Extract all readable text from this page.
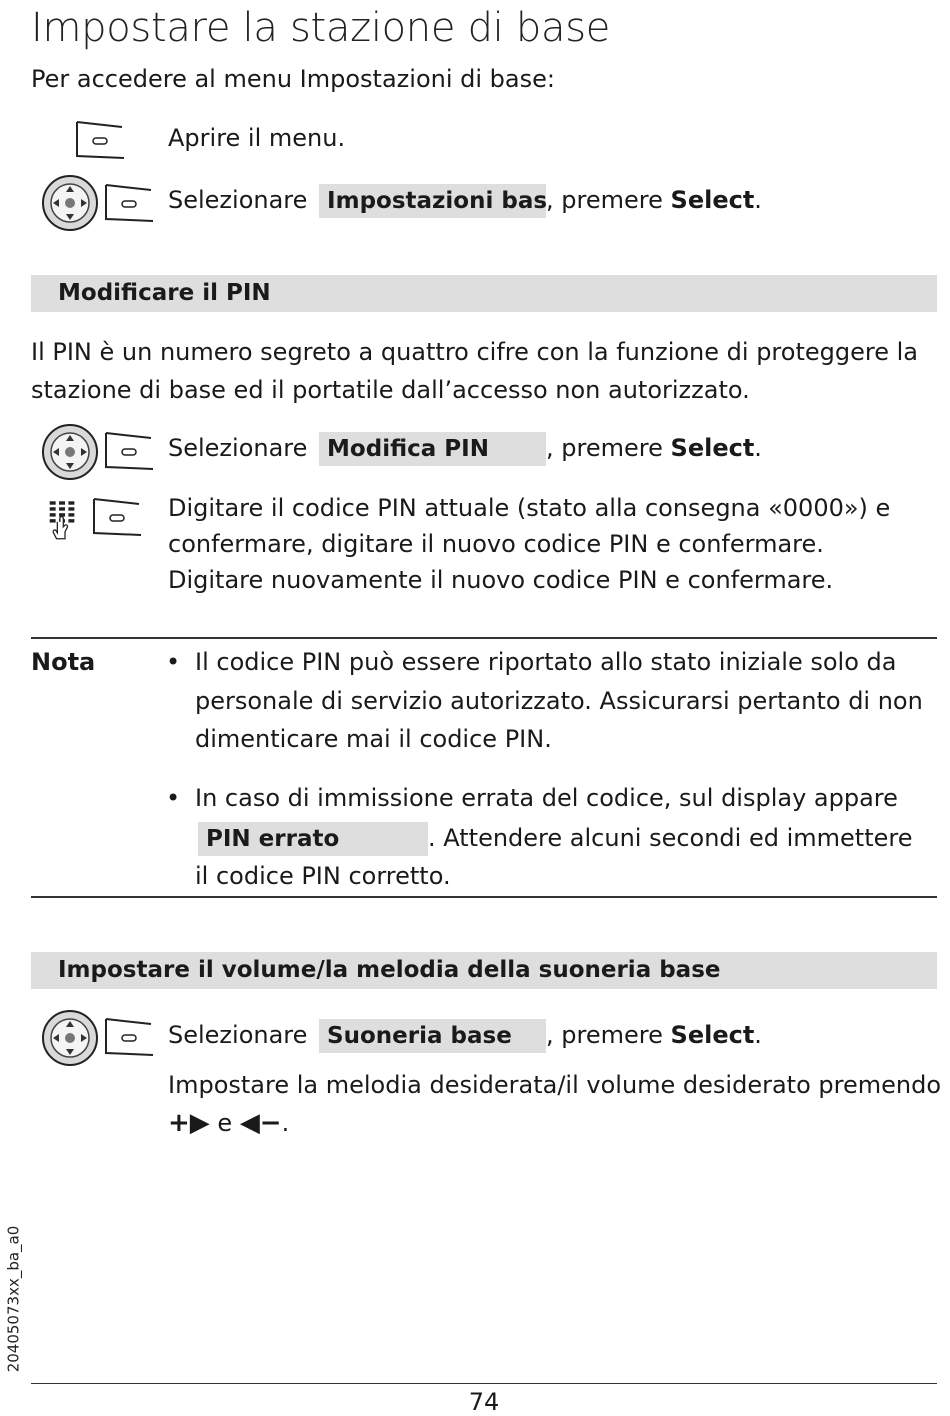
Impostare la stazione di base
Per accedere al menu Impostazioni di base:
Aprire il menu.
Selezionare Impostazioni bas, premere Select.
Modificare il PIN
Il PIN è un numero segreto a quattro cifre con la funzione di proteggere la stazione di base ed il portatile dall’accesso non autorizzato.
Selezionare Modifica PIN , premere Select.
Digitare il codice PIN attuale (stato alla consegna «0000») e
confermare, digitare il nuovo codice PIN e confermare.
Digitare nuovamente il nuovo codice PIN e confermare.
Nota	• Il codice PIN può essere riportato allo stato iniziale solo da
personale di servizio autorizzato. Assicurarsi pertanto di non
dimenticare mai il codice PIN.
• In caso di immissione errata del codice, sul display appare
PIN errato	. Attendere alcuni secondi ed immettere
il codice PIN corretto.
Impostare il volume/la melodia della suoneria base
Selezionare Suoneria base , premere Select.
Impostare la melodia desiderata/il volume desiderato premendo
+▶ e ◀−.
20405073xx_ba_a0
74
